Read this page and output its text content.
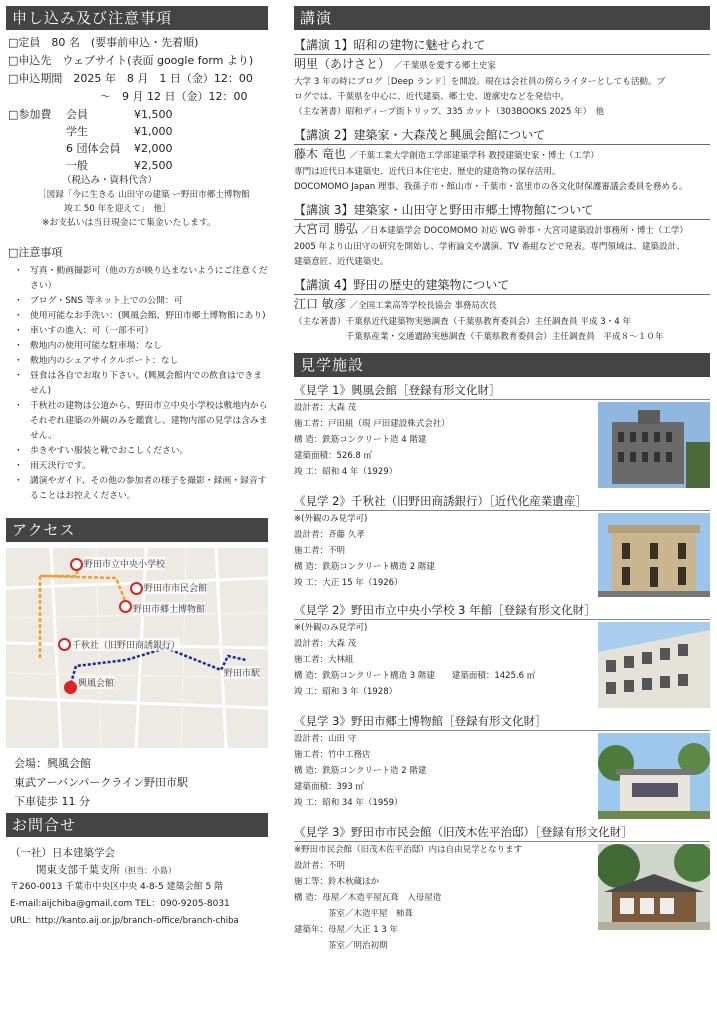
申し込み及び注意事項
□定員　80 名　(要事前申込・先着順)
□申込先　ウェブサイト(表面 google form より)
□申込期間　2025 年　8 月　1 日（金）12：00
～　9 月 12 日（金）12：00
□参加費	会員	¥1,500
学生	¥1,000
6 団体会員	¥2,000
一般	¥2,500
（税込み・資料代含）
［図録「今に生きる 山田守の建築 ー野田市郷土博物館
竣工 50 年を迎えて」　他］
※お支払いは当日現金にて集金いたします。
□注意事項
・ 写真・動画撮影可（他の方が映り込まないようにご注意ください）
・ ブログ・SNS 等ネット上での公開：可
・ 使用可能なお手洗い：(興風会館、野田市郷土博物館にあり)
・ 車いすの進入：可（一部不可）
・ 敷地内の使用可能な駐車場：なし
・ 敷地内のシェアサイクルポート：なし
・ 昼食は各自でお取り下さい。(興風会館内での飲食はできません)
・ 千秋社の建物は公道から、野田市立中央小学校は敷地内からそれぞれ建築の外観のみを鑑賞し、建物内部の見学は含みません。
・ 歩きやすい服装と靴でおこしください。
・ 雨天決行です。
・ 講演やガイド、その他の参加者の様子を撮影・録画・録音することはお控えください。
アクセス
野田市立中央小学校
野田市市民会館
野田市郷土博物館
千秋社（旧野田商誘銀行）
興風会館
野田市駅
会場：興風会館
東武アーバンパークライン野田市駅
下車徒歩 11 分
お問合せ
（一社）日本建築学会
関東支部千葉支所（担当：小島）
〒260-0013 千葉市中央区中央 4-8-5 建築会館 5 階
E-mail:aijchiba@gmail.com TEL：090-9205-8031
URL：http://kanto.aij.or.jp/branch-office/branch-chiba
講演
【講演 1】昭和の建物に魅せられて
明里（あけさと） ／千葉県を愛する郷土史家
大学 3 年の時にブログ［Deep ランド］を開設。現在は会社員の傍らライターとしても活動。ブ
ログでは、千葉県を中心に、近代建築、郷土史、遊廓史などを発信中。
（主な著書）昭和ディープ街トリップ、335 カット（303BOOKS 2025 年）　他
【講演 2】建築家・大森茂と興風会館について
藤木 竜也 ／千葉工業大学創造工学部建築学科 教授建築史家・博士（工学）
専門は近代日本建築史、近代日本住宅史、歴史的建造物の保存活用。
DOCOMOMO Japan 理事、我孫子市・館山市・千葉市・富里市の各文化財保護審議会委員を務める。
【講演 3】建築家・山田守と野田市郷土博物館について
大宮司 勝弘 ／日本建築学会 DOCOMOMO 対応 WG 幹事・大宮司建築設計事務所・博士（工学）
2005 年より山田守の研究を開始し、学術論文や講演、TV 番組などで発表。専門領域は、建築設計、
建築意匠、近代建築史。
【講演 4】野田の歴史的建築物について
江口 敏彦 ／全国工業高等学校長協会 事務局次長
（主な著書）千葉県近代建築物実態調査（千葉県教育委員会）主任調査員 平成 3・4 年
　　　　　　千葉県産業・交通遺跡実態調査（千葉県教育委員会）主任調査員　平成８～１０年
見学施設
《見学 1》興風会館［登録有形文化財］
設計者：大森 茂
施工者：戸田組（現 戸田建設株式会社）
構 造：鉄筋コンクリート造 4 階建
建築面積：526.8 ㎡
竣 工：昭和 4 年（1929）
《見学 2》千秋社（旧野田商誘銀行）［近代化産業遺産］
※(外観のみ見学可)
設計者：斉藤 久孝
施工者：不明
構 造：鉄筋コンクリート構造 2 階建
竣 工：大正 15 年（1926）
《見学 2》野田市立中央小学校 3 年館［登録有形文化財］
※(外観のみ見学可)
設計者：大森 茂
施工者：大林組
構 造：鉄筋コンクリート構造 3 階建　　建築面積：1425.6 ㎡
竣 工：昭和 3 年（1928）
《見学 3》野田市郷土博物館［登録有形文化財］
設計者：山田 守
施工者：竹中工務店
構 造：鉄筋コンクリート造 2 階建
建築面積：393 ㎡
竣 工：昭和 34 年（1959）
《見学 3》野田市市民会館（旧茂木佐平治邸）［登録有形文化財］
※野田市民会館（旧茂木佐平治邸）内は自由見学となります
設計者：不明
施工等：鈴木秋蔵ほか
構 造：母屋／木造平屋瓦葺　入母屋造
　　　　茶室／木造平屋　柿葺
建築年：母屋／大正 1 3 年
　　　　茶室／明治初期
